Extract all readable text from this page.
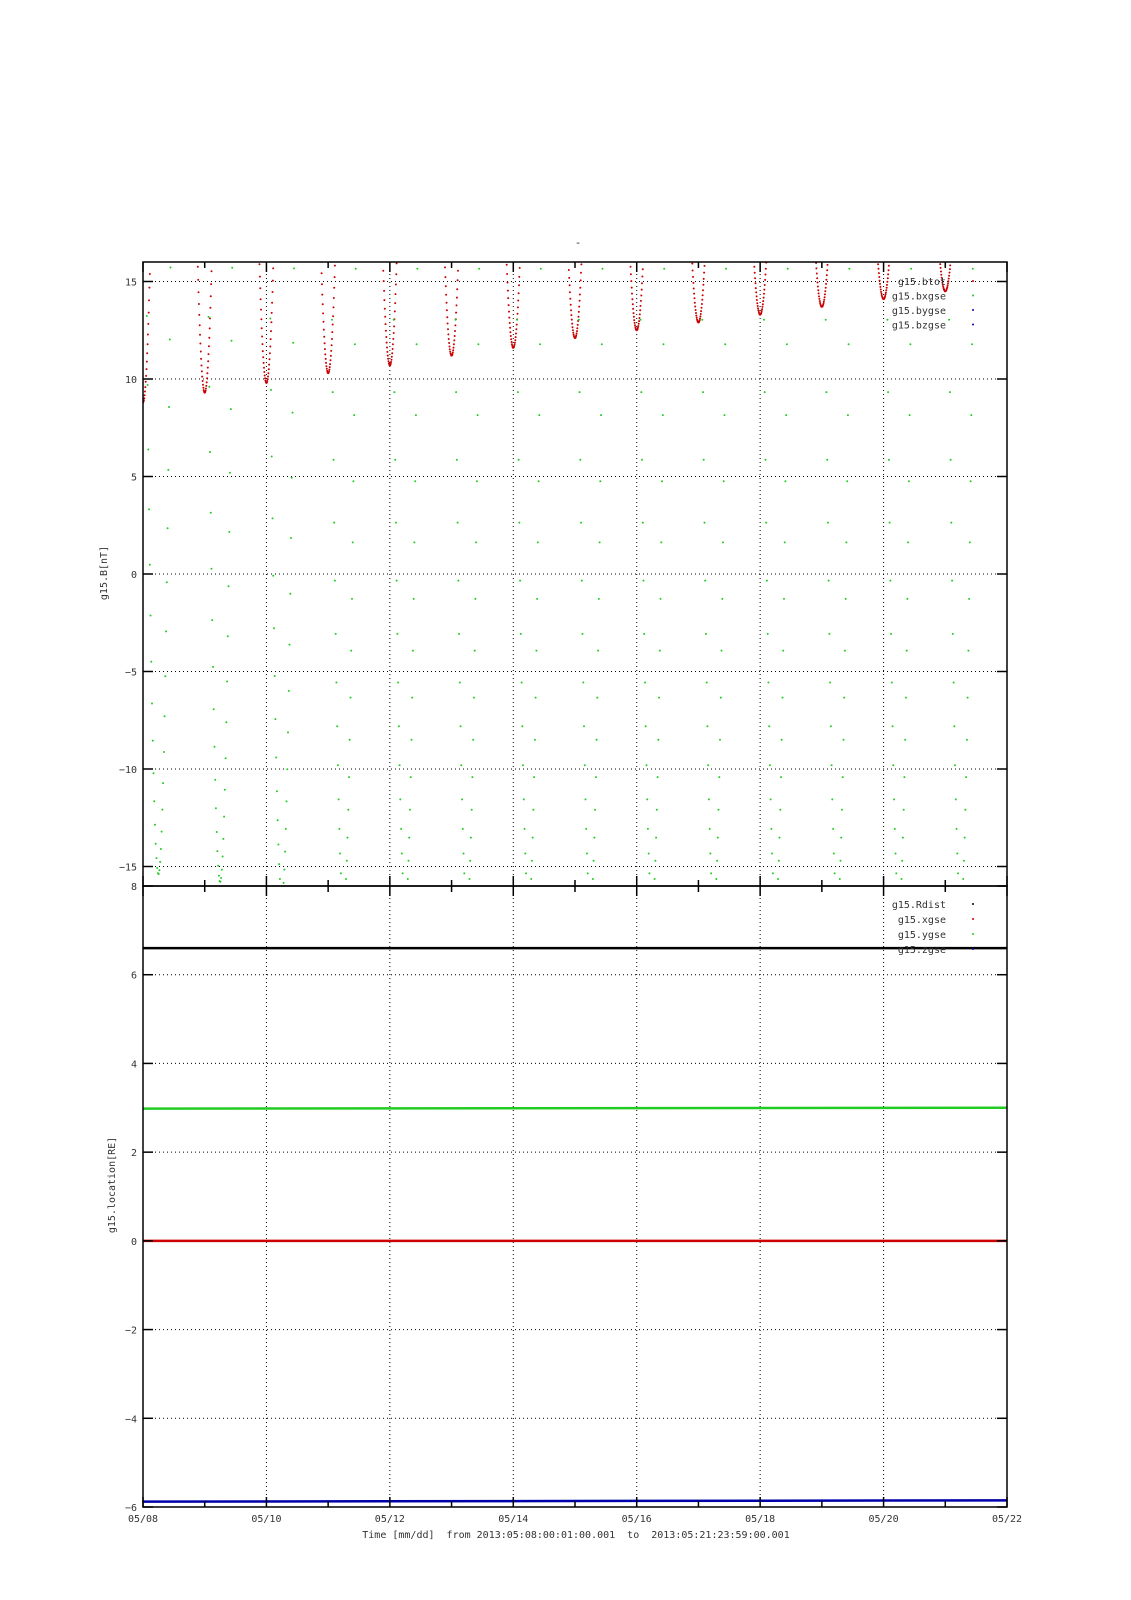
-
15
10
5
0
−5
−10
−15
g15.B[nT]
g15.btot
g15.bxgse
g15.bygse
g15.bzgse
8
6
4
2
0
−2
−4
−6
g15.location[RE]
g15.Rdist
g15.xgse
g15.ygse
g15.zgse
05/08	05/10	05/12	05/14	05/16	05/18	05/20	05/22
Time [mm/dd]  from 2013:05:08:00:01:00.001  to  2013:05:21:23:59:00.001
